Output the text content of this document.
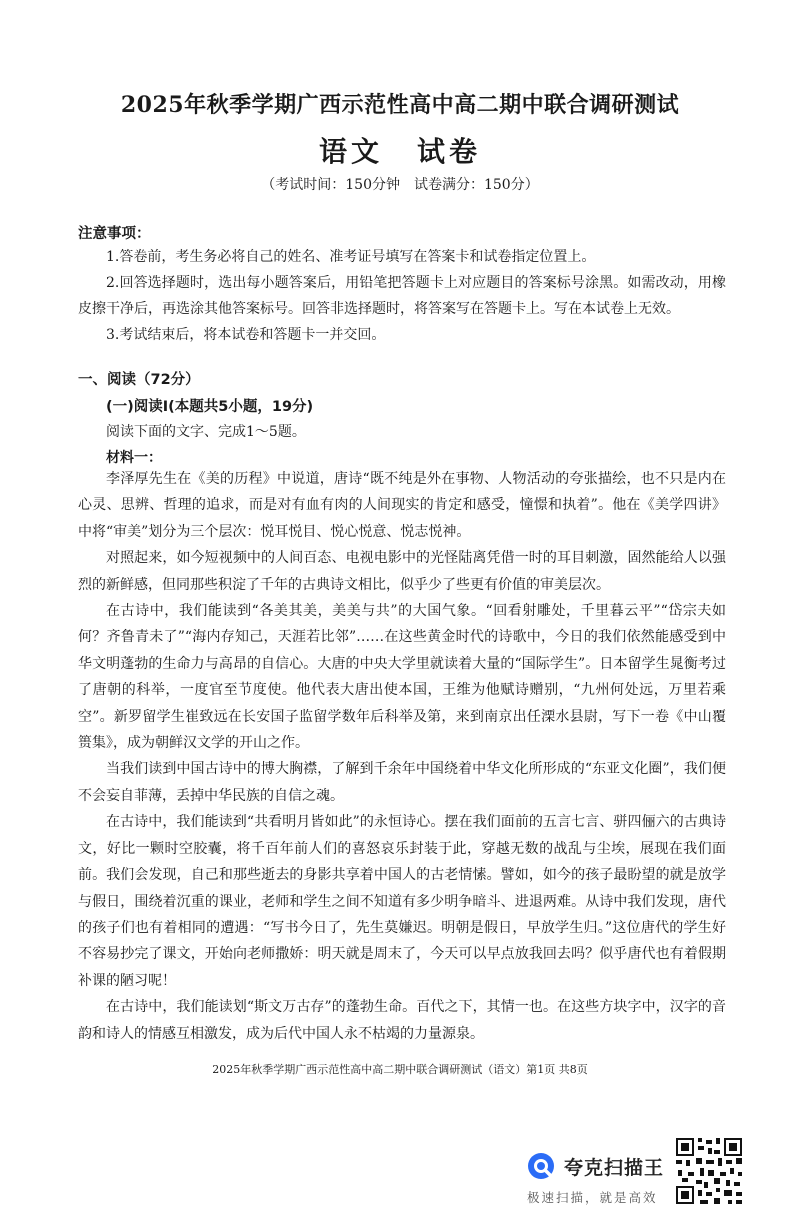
2025年秋季学期广西示范性高中高二期中联合调研测试
语文 试卷

（考试时间：150分钟　试卷满分：150分）

注意事项：

1.答卷前，考生务必将自己的姓名、准考证号填写在答案卡和试卷指定位置上。
2.回答选择题时，选出每小题答案后，用铅笔把答题卡上对应题目的答案标号涂黑。如需改动，用橡皮擦干净后，再选涂其他答案标号。回答非选择题时，将答案写在答题卡上。写在本试卷上无效。
3.考试结束后，将本试卷和答题卡一并交回。

一、阅读（72分）

(一)阅读Ⅰ(本题共5小题，19分)

阅读下面的文字、完成1～5题。

材料一：

李泽厚先生在《美的历程》中说道，唐诗“既不纯是外在事物、人物活动的夸张描绘，也不只是内在心灵、思辨、哲理的追求，而是对有血有肉的人间现实的肯定和感受，憧憬和执着”。他在《美学四讲》中将“审美”划分为三个层次：悦耳悦目、悦心悦意、悦志悦神。

对照起来，如今短视频中的人间百态、电视电影中的光怪陆离凭借一时的耳目刺激，固然能给人以强烈的新鲜感，但同那些积淀了千年的古典诗文相比，似乎少了些更有价值的审美层次。

在古诗中，我们能读到“各美其美，美美与共”的大国气象。“回看射雕处，千里暮云平”“岱宗夫如何？齐鲁青未了”“海内存知己，天涯若比邻”……在这些黄金时代的诗歌中，今日的我们依然能感受到中华文明蓬勃的生命力与高昂的自信心。大唐的中央大学里就读着大量的“国际学生”。日本留学生晁衡考过了唐朝的科举，一度官至节度使。他代表大唐出使本国，王维为他赋诗赠别，“九州何处远，万里若乘空”。新罗留学生崔致远在长安国子监留学数年后科举及第，来到南京出任溧水县尉，写下一卷《中山覆篑集》，成为朝鲜汉文学的开山之作。

当我们读到中国古诗中的博大胸襟，了解到千余年中国绕着中华文化所形成的“东亚文化圈”，我们便不会妄自菲薄，丢掉中华民族的自信之魂。

在古诗中，我们能读到“共看明月皆如此”的永恒诗心。摆在我们面前的五言七言、骈四俪六的古典诗文，好比一颗时空胶囊，将千百年前人们的喜怒哀乐封装于此，穿越无数的战乱与尘埃，展现在我们面前。我们会发现，自己和那些逝去的身影共享着中国人的古老情愫。譬如，如今的孩子最盼望的就是放学与假日，围绕着沉重的课业，老师和学生之间不知道有多少明争暗斗、进退两难。从诗中我们发现，唐代的孩子们也有着相同的遭遇：“写书今日了，先生莫嫌迟。明朝是假日，早放学生归。”这位唐代的学生好不容易抄完了课文，开始向老师撒娇：明天就是周末了，今天可以早点放我回去吗？似乎唐代也有着假期补课的陋习呢！

在古诗中，我们能读划“斯文万古存”的蓬勃生命。百代之下，其情一也。在这些方块字中，汉字的音韵和诗人的情感互相激发，成为后代中国人永不枯竭的力量源泉。

2025年秋季学期广西示范性高中高二期中联合调研测试（语文）第1页 共8页

夸克扫描王

极速扫描，就是高效
